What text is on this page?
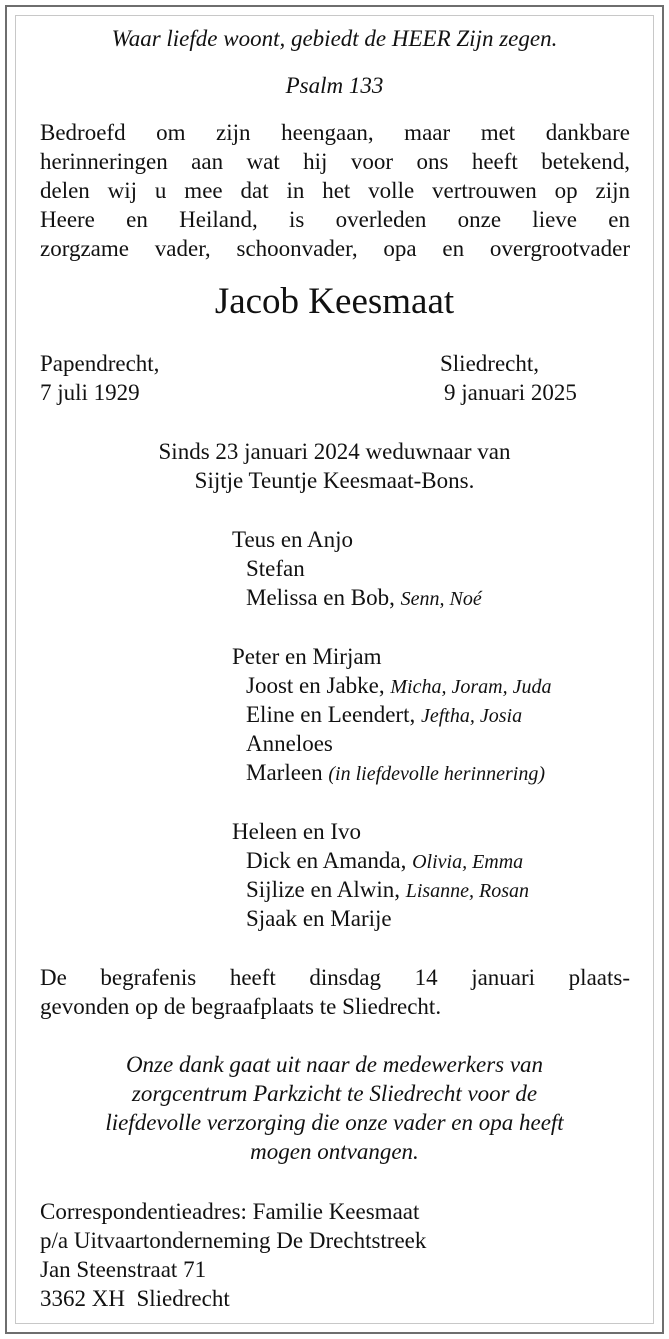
Waar liefde woont, gebiedt de HEER Zijn zegen.

Psalm 133

Bedroefd om zijn heengaan, maar met dankbare

herinneringen aan wat hij voor ons heeft betekend,

delen wij u mee dat in het volle vertrouwen op zijn

Heere en Heiland, is overleden onze lieve en

zorgzame vader, schoonvader, opa en overgrootvader

Jacob Keesmaat

Papendrecht,

7 juli 1929

Sliedrecht,

9 januari 2025

Sinds 23 januari 2024 weduwnaar van

Sijtje Teuntje Keesmaat-Bons.

Teus en Anjo

Stefan

Melissa en Bob, Senn, Noé

Peter en Mirjam

Joost en Jabke, Micha, Joram, Juda

Eline en Leendert, Jeftha, Josia

Anneloes

Marleen (in liefdevolle herinnering)

Heleen en Ivo

Dick en Amanda, Olivia, Emma

Sijlize en Alwin, Lisanne, Rosan

Sjaak en Marije

De begrafenis heeft dinsdag 14 januari plaats-

gevonden op de begraafplaats te Sliedrecht.

Onze dank gaat uit naar de medewerkers van

zorgcentrum Parkzicht te Sliedrecht voor de

liefdevolle verzorging die onze vader en opa heeft

mogen ontvangen.

Correspondentieadres: Familie Keesmaat

p/a Uitvaartonderneming De Drechtstreek

Jan Steenstraat 71

3362 XH  Sliedrecht
